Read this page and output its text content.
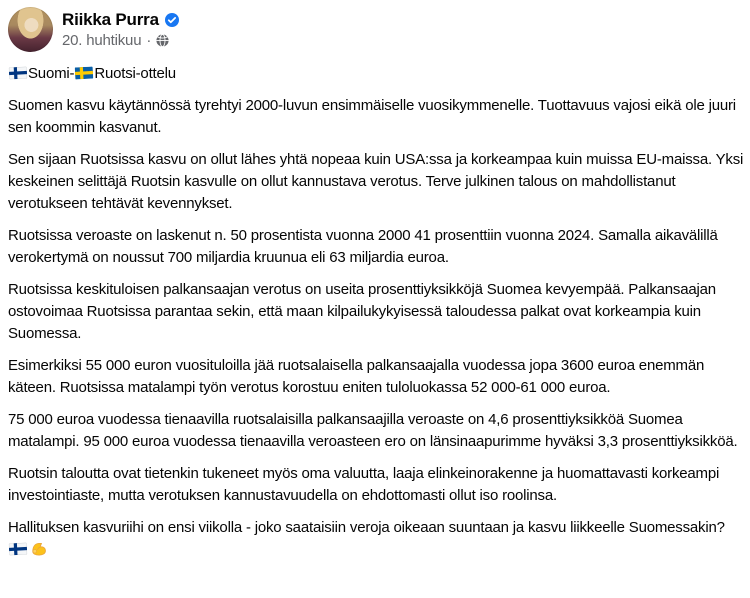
Riikka Purra
20. huhtikuu ·

Suomi- Ruotsi-ottelu

Suomen kasvu käytännössä tyrehtyi 2000-luvun ensimmäiselle vuosikymmenelle. Tuottavuus vajosi eikä ole juuri sen koommin kasvanut.

Sen sijaan Ruotsissa kasvu on ollut lähes yhtä nopeaa kuin USA:ssa ja korkeampaa kuin muissa EU-maissa. Yksi keskeinen selittäjä Ruotsin kasvulle on ollut kannustava verotus. Terve julkinen talous on mahdollistanut verotukseen tehtävät kevennykset.

Ruotsissa veroaste on laskenut n. 50 prosentista vuonna 2000 41 prosenttiin vuonna 2024. Samalla aikavälillä verokertymä on noussut 700 miljardia kruunua eli 63 miljardia euroa.

Ruotsissa keskituloisen palkansaajan verotus on useita prosenttiyksikköjä Suomea kevyempää. Palkansaajan ostovoimaa Ruotsissa parantaa sekin, että maan kilpailukykyisessä taloudessa palkat ovat korkeampia kuin Suomessa.

Esimerkiksi 55 000 euron vuosituloilla jää ruotsalaisella palkansaajalla vuodessa jopa 3600 euroa enemmän käteen. Ruotsissa matalampi työn verotus korostuu eniten tuloluokassa 52 000-61 000 euroa.

75 000 euroa vuodessa tienaavilla ruotsalaisilla palkansaajilla veroaste on 4,6 prosenttiyksikköä Suomea matalampi. 95 000 euroa vuodessa tienaavilla veroasteen ero on länsinaapurimme hyväksi 3,3 prosenttiyksikköä.

Ruotsin taloutta ovat tietenkin tukeneet myös oma valuutta, laaja elinkeinorakenne ja huomattavasti korkeampi investointiaste, mutta verotuksen kannustavuudella on ehdottomasti ollut iso roolinsa.

Hallituksen kasvuriihi on ensi viikolla - joko saataisiin veroja oikeaan suuntaan ja kasvu liikkeelle Suomessakin?
